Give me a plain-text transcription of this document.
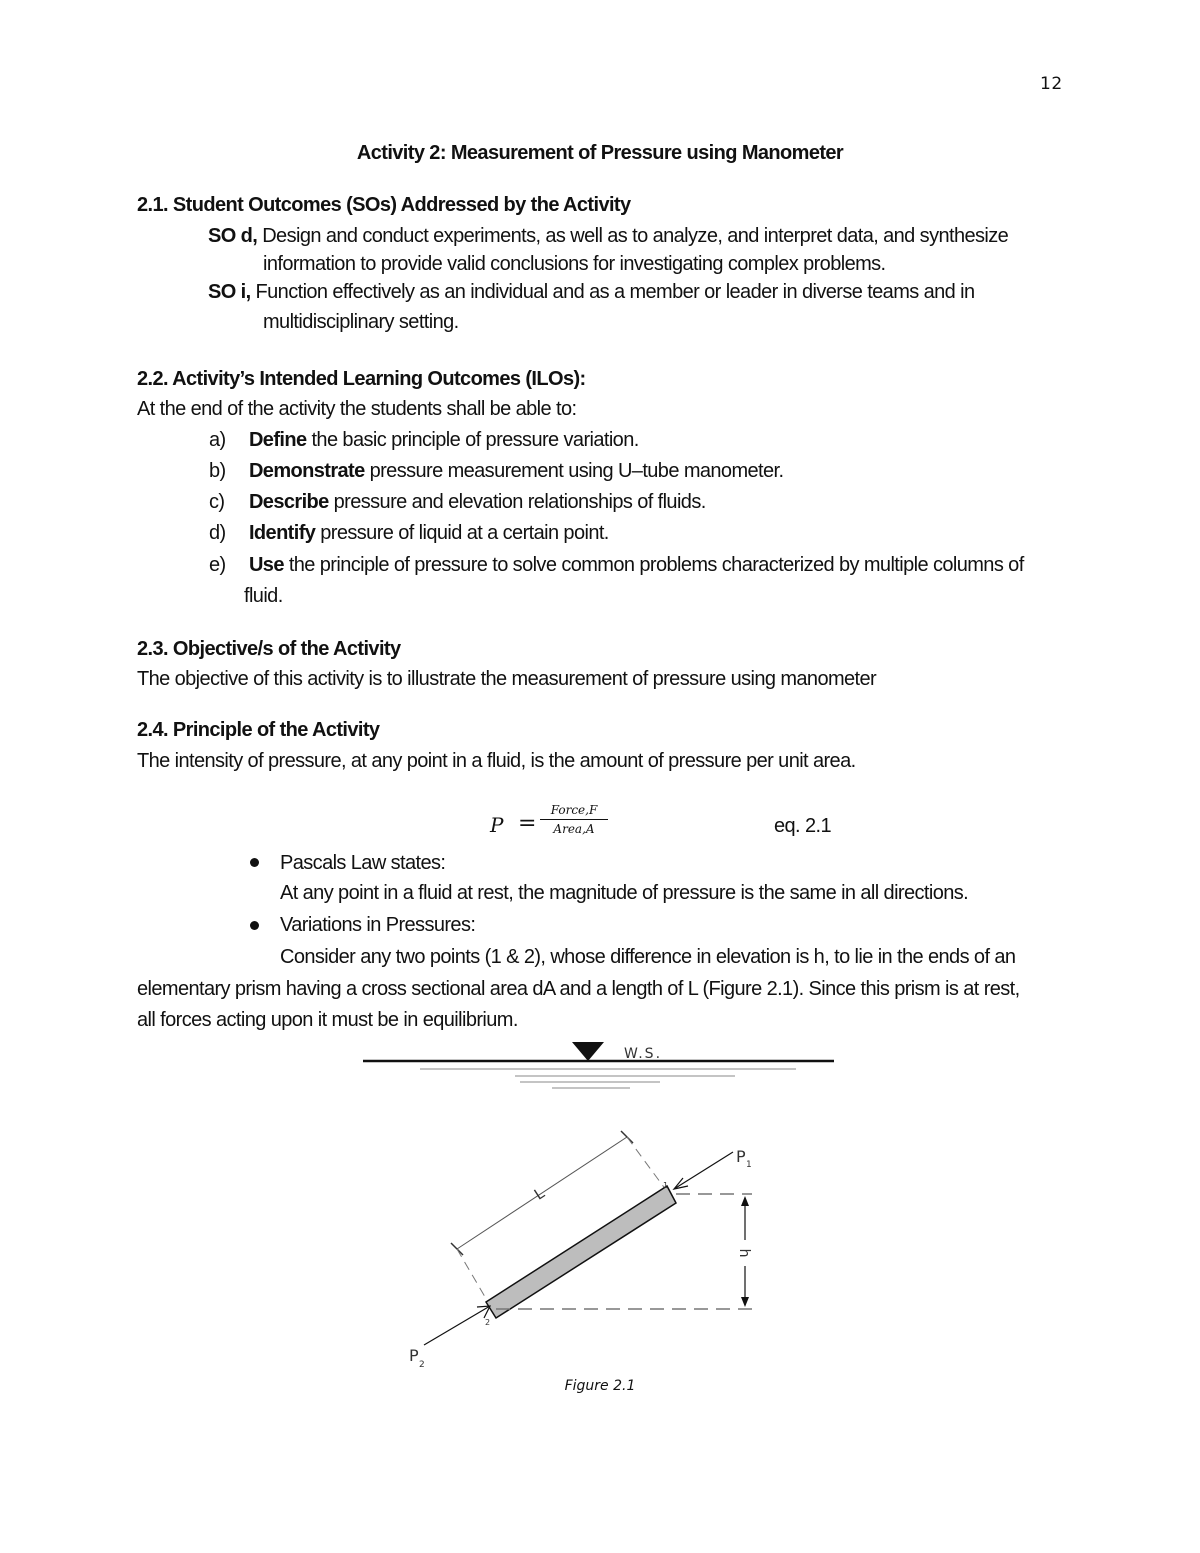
12
Activity 2: Measurement of Pressure using Manometer
2.1. Student Outcomes (SOs) Addressed by the Activity
SO d, Design and conduct experiments, as well as to analyze, and interpret data, and synthesize
information to provide valid conclusions for investigating complex problems.
SO i, Function effectively as an individual and as a member or leader in diverse teams and in
multidisciplinary setting.
2.2. Activity’s Intended Learning Outcomes (ILOs):
At the end of the activity the students shall be able to:
a) Define the basic principle of pressure variation.
b) Demonstrate pressure measurement using U–tube manometer.
c) Describe pressure and elevation relationships of fluids.
d) Identify pressure of liquid at a certain point.
e) Use the principle of pressure to solve common problems characterized by multiple columns of
fluid.
2.3. Objective/s of the Activity
The objective of this activity is to illustrate the measurement of pressure using manometer
2.4. Principle of the Activity
The intensity of pressure, at any point in a fluid, is the amount of pressure per unit area.
P =
Force,F
Area,A	eq. 2.1
Pascals Law states:
At any point in a fluid at rest, the magnitude of pressure is the same in all directions.
Variations in Pressures:
Consider any two points (1 & 2), whose difference in elevation is h, to lie in the ends of an
elementary prism having a cross sectional area dA and a length of L (Figure 2.1). Since this prism is at rest,
all forces acting upon it must be in equilibrium.
W.S.
L
h
P 1
P 2
1
2
Figure 2.1
